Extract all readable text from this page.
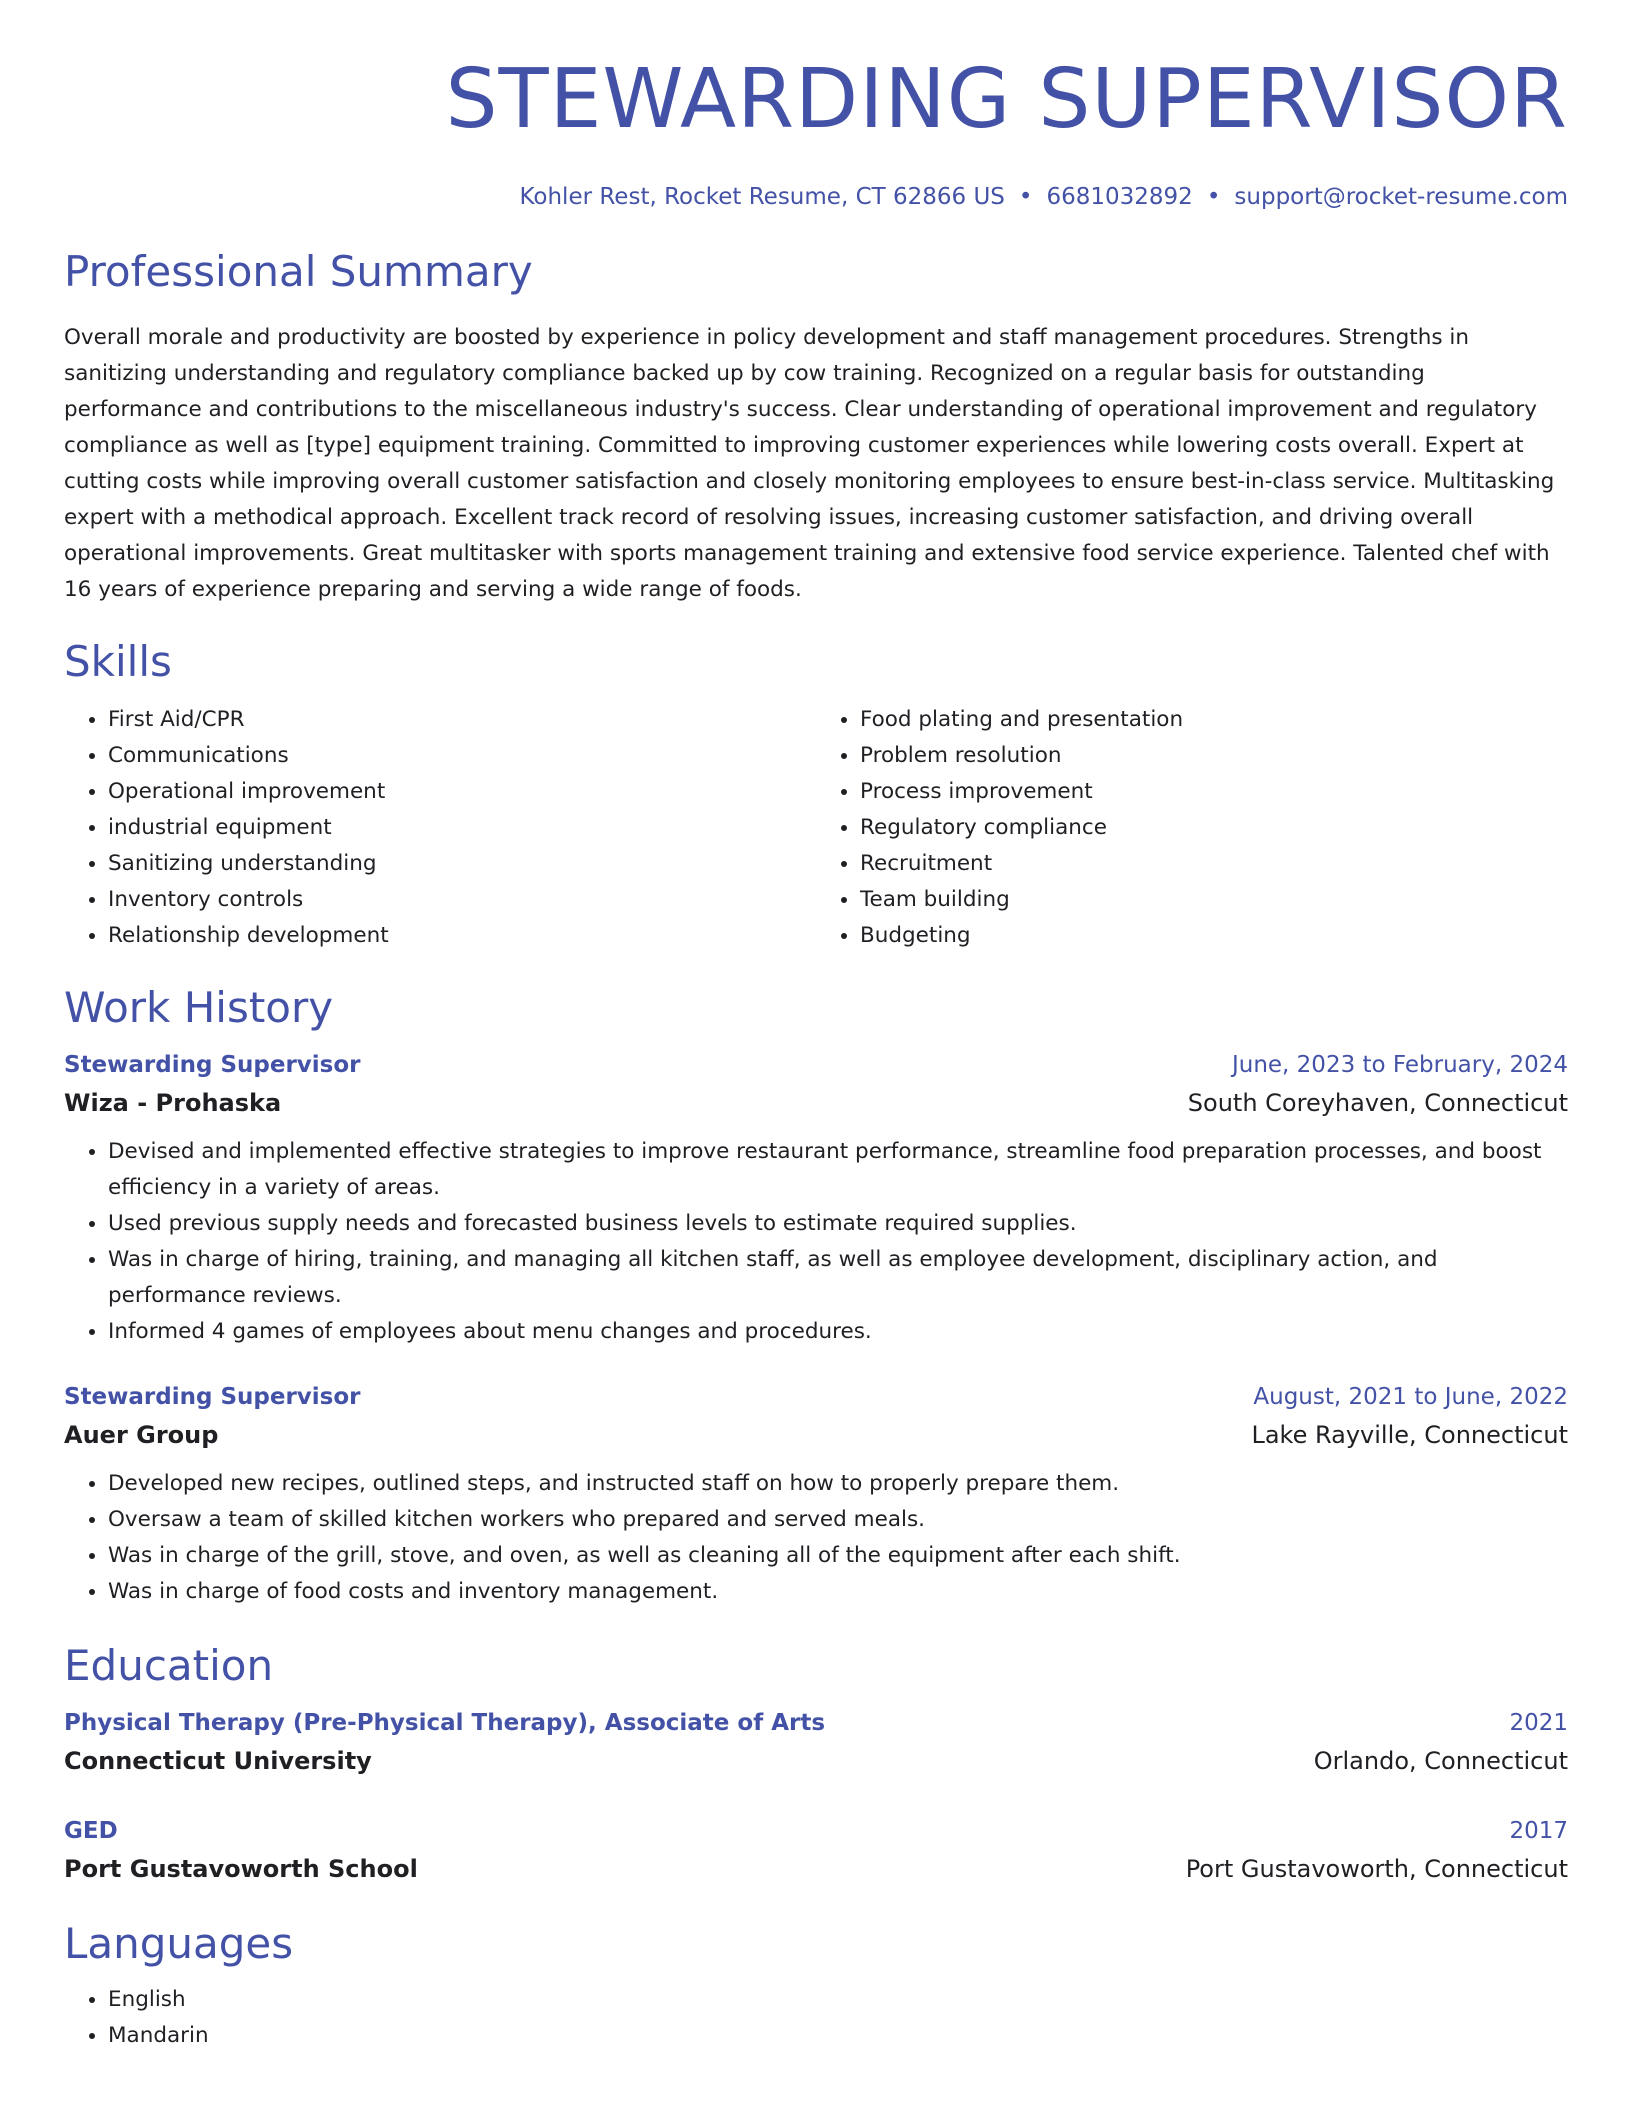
STEWARDING SUPERVISOR
Kohler Rest, Rocket Resume, CT 62866 US • 6681032892 • support@rocket-resume.com
Professional Summary
Overall morale and productivity are boosted by experience in policy development and staff management procedures. Strengths in sanitizing understanding and regulatory compliance backed up by cow training. Recognized on a regular basis for outstanding performance and contributions to the miscellaneous industry's success. Clear understanding of operational improvement and regulatory compliance as well as [type] equipment training. Committed to improving customer experiences while lowering costs overall. Expert at cutting costs while improving overall customer satisfaction and closely monitoring employees to ensure best-in-class service. Multitasking expert with a methodical approach. Excellent track record of resolving issues, increasing customer satisfaction, and driving overall operational improvements. Great multitasker with sports management training and extensive food service experience. Talented chef with 16 years of experience preparing and serving a wide range of foods.
Skills
• First Aid/CPR
• Communications
• Operational improvement
• industrial equipment
• Sanitizing understanding
• Inventory controls
• Relationship development
• Food plating and presentation
• Problem resolution
• Process improvement
• Regulatory compliance
• Recruitment
• Team building
• Budgeting
Work History
Stewarding Supervisor	June, 2023 to February, 2024
Wiza - Prohaska	South Coreyhaven, Connecticut
• Devised and implemented effective strategies to improve restaurant performance, streamline food preparation processes, and boost efficiency in a variety of areas.
• Used previous supply needs and forecasted business levels to estimate required supplies.
• Was in charge of hiring, training, and managing all kitchen staff, as well as employee development, disciplinary action, and performance reviews.
• Informed 4 games of employees about menu changes and procedures.
Stewarding Supervisor	August, 2021 to June, 2022
Auer Group	Lake Rayville, Connecticut
• Developed new recipes, outlined steps, and instructed staff on how to properly prepare them.
• Oversaw a team of skilled kitchen workers who prepared and served meals.
• Was in charge of the grill, stove, and oven, as well as cleaning all of the equipment after each shift.
• Was in charge of food costs and inventory management.
Education
Physical Therapy (Pre-Physical Therapy), Associate of Arts	2021
Connecticut University	Orlando, Connecticut
GED	2017
Port Gustavoworth School	Port Gustavoworth, Connecticut
Languages
• English
• Mandarin
